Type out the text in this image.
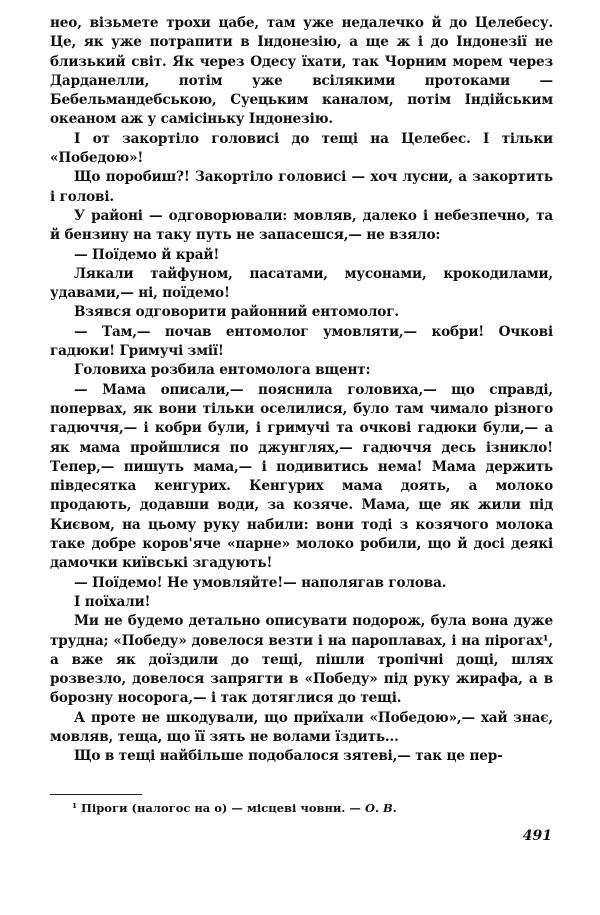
нео, візьмете трохи цабе, там уже недалечко й до Целебесу. Це, як уже потрапити в Індонезію, а ще ж і до Індонезії не близький світ. Як через Одесу їхати, так Чорним морем через Дарданелли, потім уже всілякими протоками — Бебельмандебською, Суецьким каналом, потім Індійським океаном аж у самісіньку Індонезію.

І от закортіло головисі до тещі на Целебес. І тільки «Победою»!

Що поробиш?! Закортіло головисі — хоч лусни, а закортить і голові.

У районі — одговорювали: мовляв, далеко і небезпечно, та й бензину на таку путь не запасешся,— не взяло:

— Поїдемо й край!

Лякали тайфуном, пасатами, мусонами, крокодилами, удавами,— ні, поїдемо!

Взявся одговорити районний ентомолог.

— Там,— почав ентомолог умовляти,— кобри! Очкові гадюки! Гримучі змії!

Головиха розбила ентомолога вщент:

— Мама описали,— пояснила головиха,— що справді, поперваx, як вони тільки оселилися, було там чимало різного гадюччя,— і кобри були, і гримучі та очкові гадюки були,— а як мама пройшлися по джунглях,— гадюччя десь ізникло! Тепер,— пишуть мама,— і подивитись нема! Мама держить півдесятка кенгурих. Кенгурих мама доять, а молоко продають, додавши води, за козяче. Мама, ще як жили під Києвом, на цьому руку набили: вони тоді з козячого молока таке добре коров'яче «парне» молоко робили, що й досі деякі дамочки київські згадують!

— Поїдемо! Не умовляйте!— наполягав голова.

І поїхали!

Ми не будемо детально описувати подорож, була вона дуже трудна; «Победу» довелося везти і на пароплавах, і на пірогах¹, а вже як доїздили до тещі, пішли тропічні дощі, шлях розвезло, довелося запрягти в «Победу» під руку жирафа, а в борозну носорога,— і так дотяглися до тещі.

А проте не шкодували, що приїхали «Победою»,— хай знає, мовляв, теща, що її зять не волами їздить...

Що в тещі найбільше подобалося зятеві,— так це пер-

¹ Піроги (налогос на о) — місцеві човни. — О. В.
491
